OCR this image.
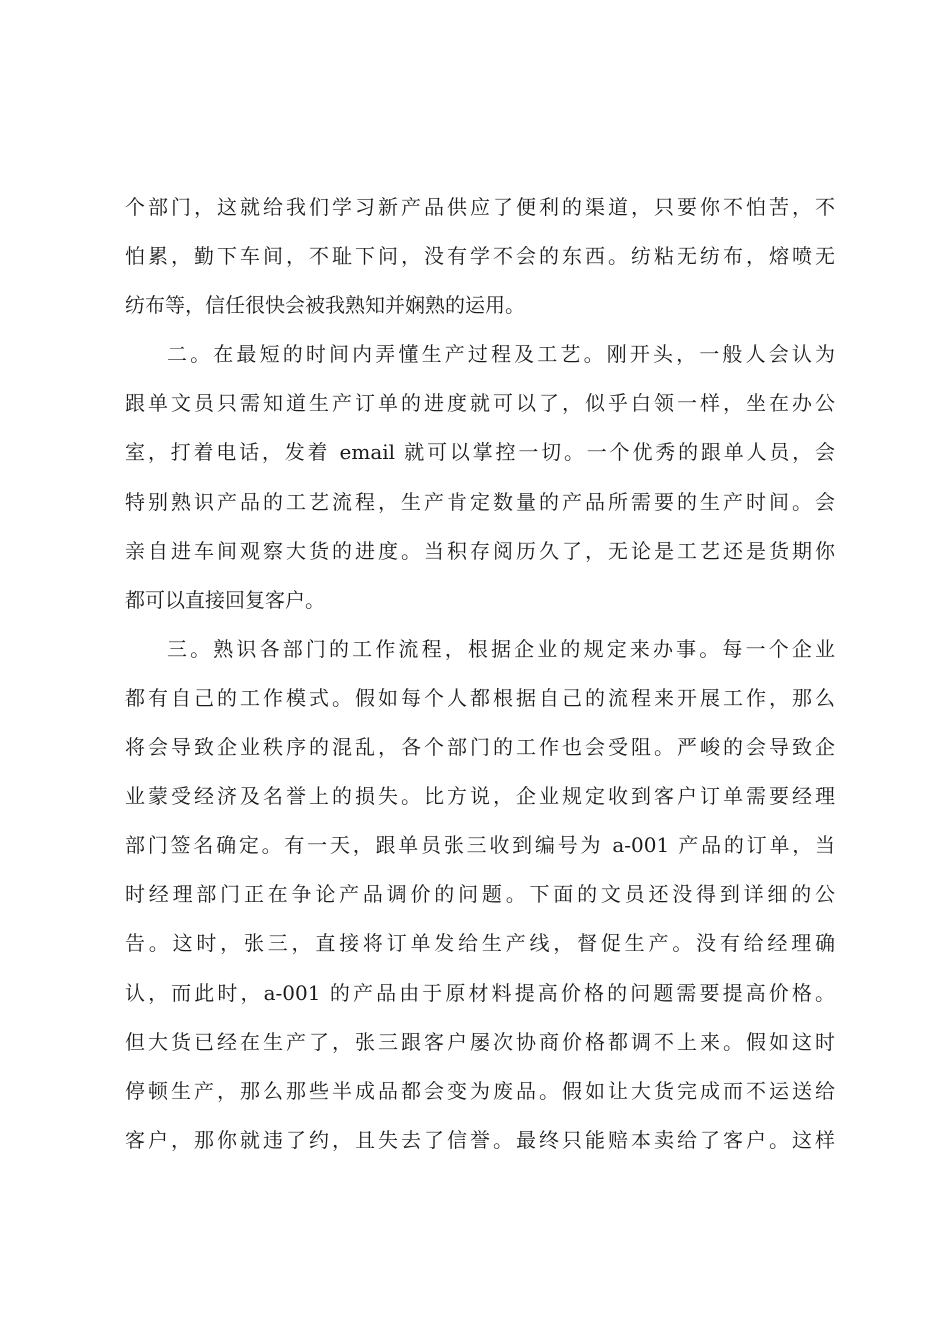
个部门，这就给我们学习新产品供应了便利的渠道，只要你不怕苦，不
怕累，勤下车间，不耻下问，没有学不会的东西。纺粘无纺布，熔喷无
纺布等，信任很快会被我熟知并娴熟的运用。
二。在最短的时间内弄懂生产过程及工艺。刚开头，一般人会认为
跟单文员只需知道生产订单的进度就可以了，似乎白领一样，坐在办公
室，打着电话，发着 email 就可以掌控一切。一个优秀的跟单人员，会
特别熟识产品的工艺流程，生产肯定数量的产品所需要的生产时间。会
亲自进车间观察大货的进度。当积存阅历久了，无论是工艺还是货期你
都可以直接回复客户。
三。熟识各部门的工作流程，根据企业的规定来办事。每一个企业
都有自己的工作模式。假如每个人都根据自己的流程来开展工作，那么
将会导致企业秩序的混乱，各个部门的工作也会受阻。严峻的会导致企
业蒙受经济及名誉上的损失。比方说，企业规定收到客户订单需要经理
部门签名确定。有一天，跟单员张三收到编号为 a-001 产品的订单，当
时经理部门正在争论产品调价的问题。下面的文员还没得到详细的公
告。这时，张三，直接将订单发给生产线，督促生产。没有给经理确
认，而此时，a-001 的产品由于原材料提高价格的问题需要提高价格。
但大货已经在生产了，张三跟客户屡次协商价格都调不上来。假如这时
停顿生产，那么那些半成品都会变为废品。假如让大货完成而不运送给
客户，那你就违了约，且失去了信誉。最终只能赔本卖给了客户。这样
